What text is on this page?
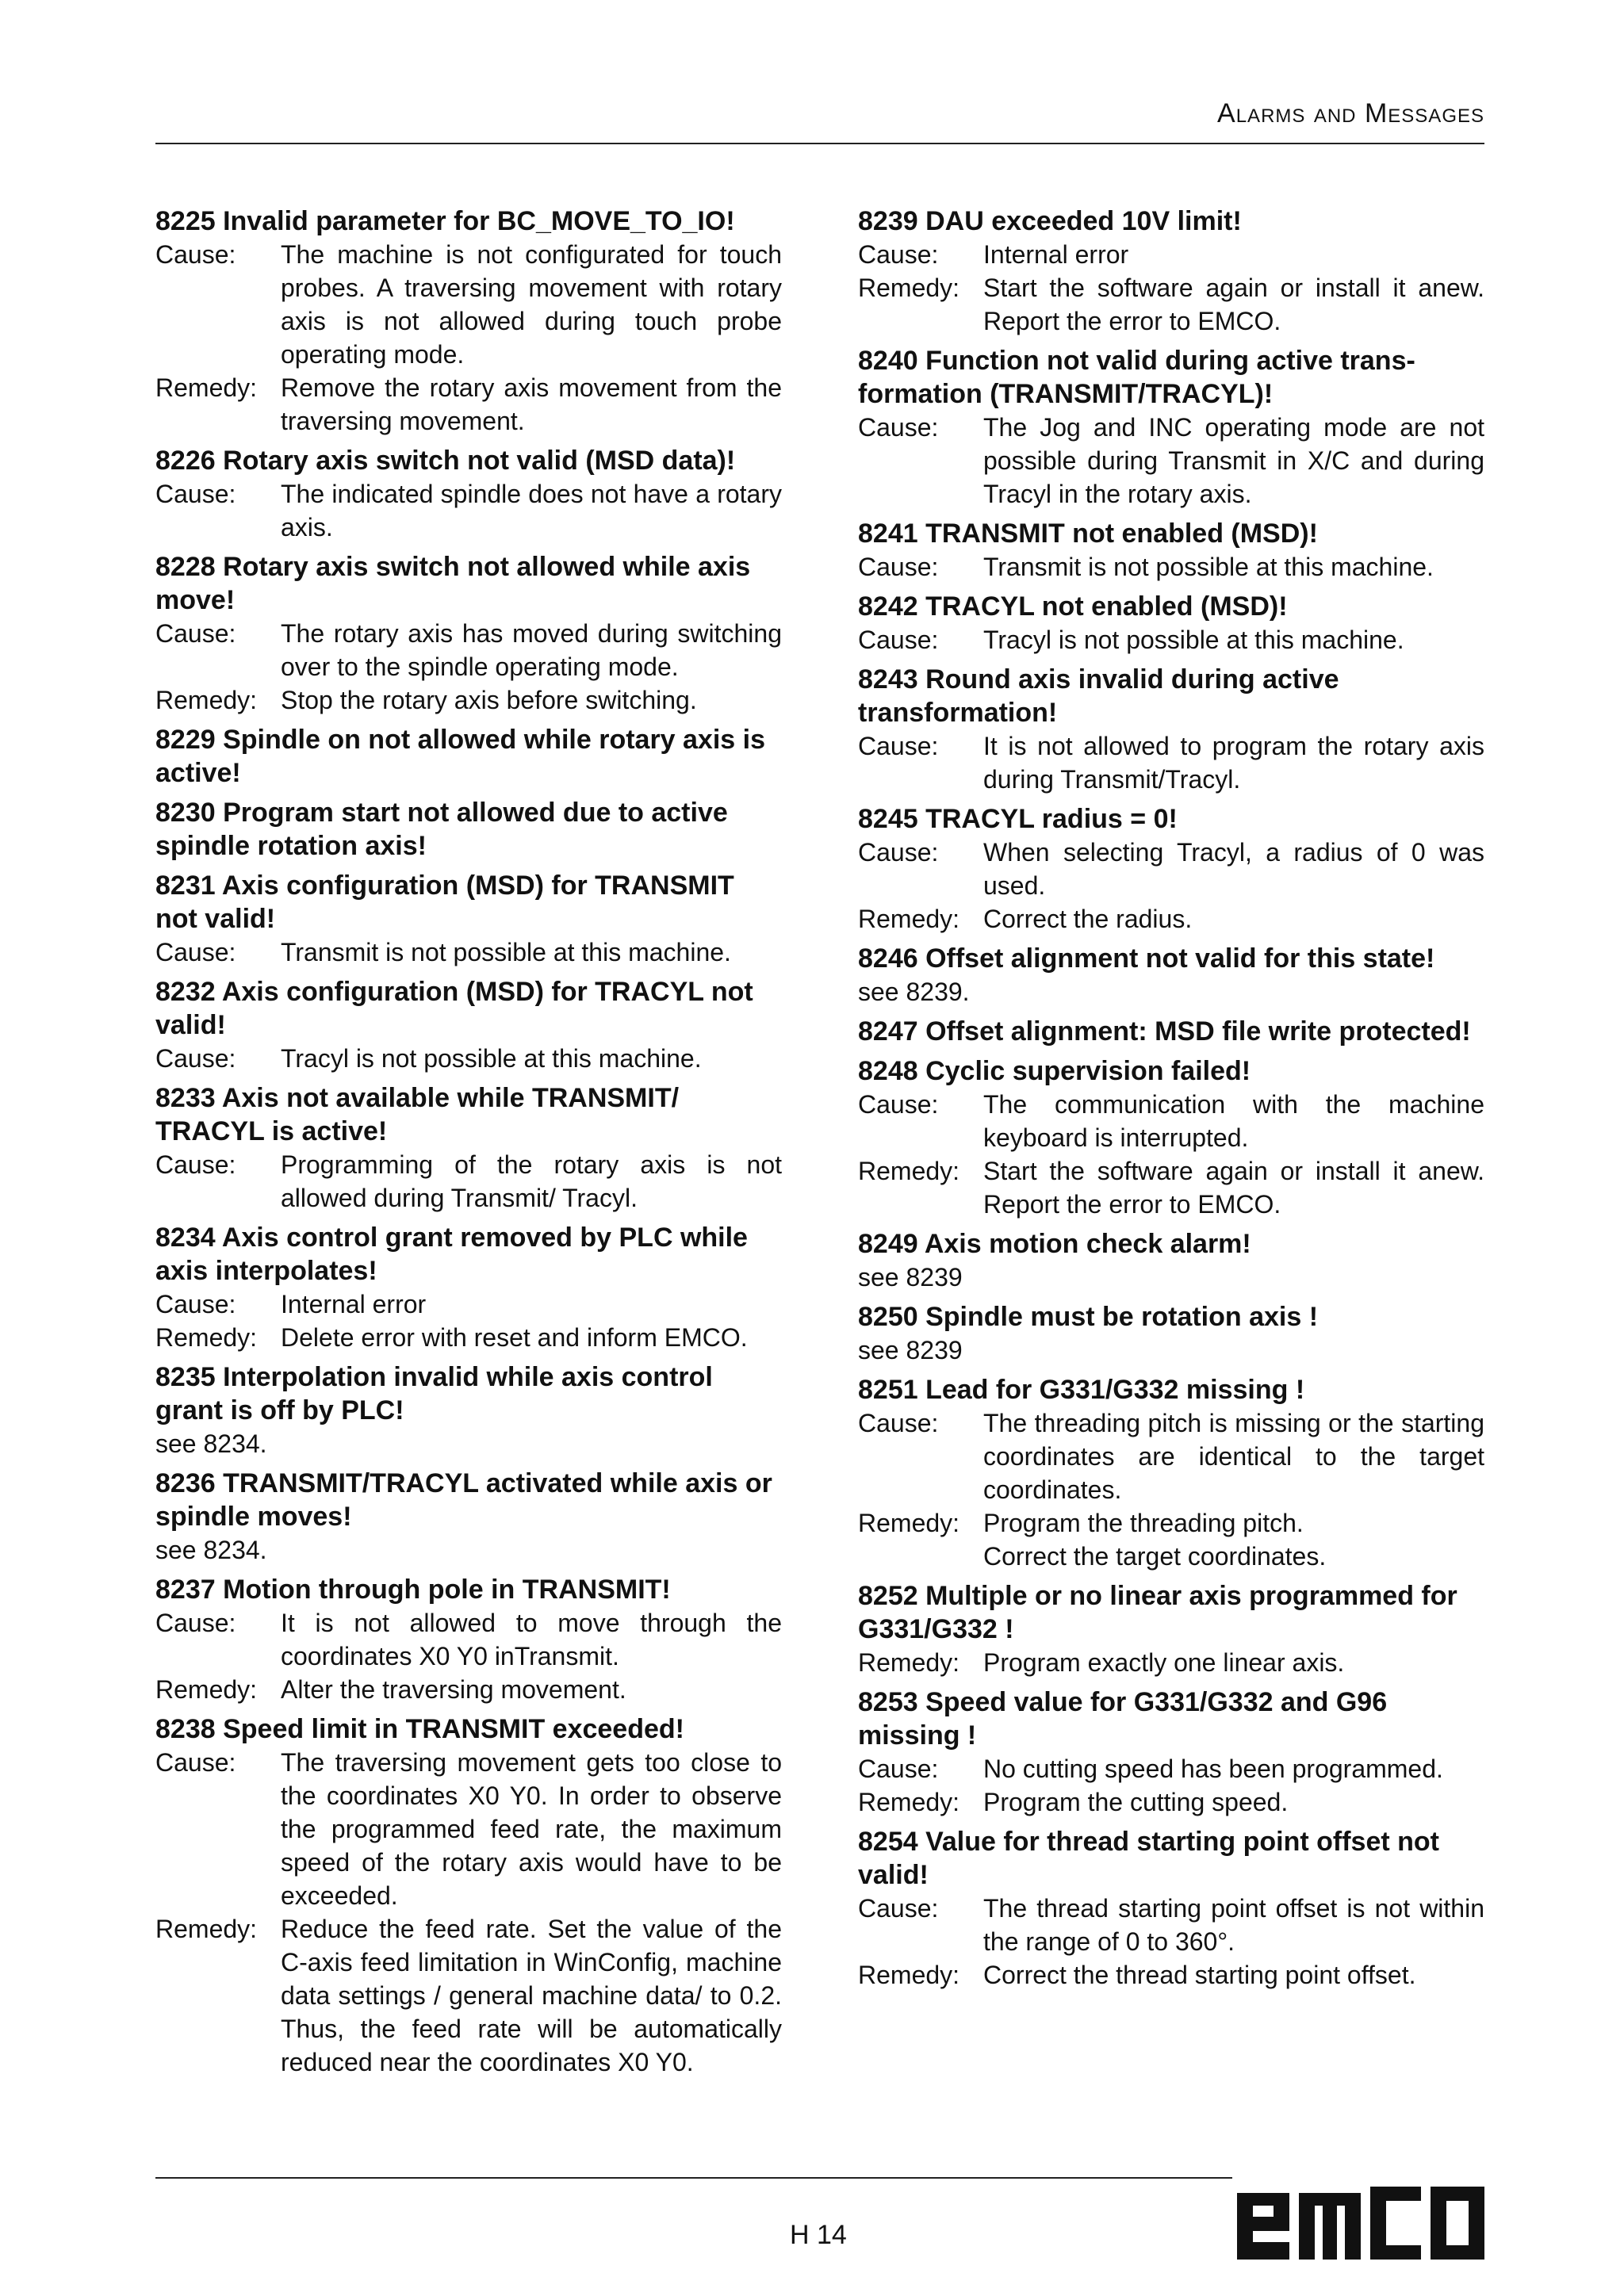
Alarms and Messages

8225 Invalid parameter for BC_MOVE_TO_IO!

Cause:	The machine is not configurated for touch probes. A traversing movement with rotary axis is not allowed during touch probe operating mode.
Remedy: Remove the rotary axis movement from the traversing movement.

8226 Rotary axis switch not valid (MSD data)!

Cause:	The indicated spindle does not have a rotary axis.

8228 Rotary axis switch not allowed while axis move!

Cause:	The rotary axis has moved during switching over to the spindle operating mode.
Remedy: Stop the rotary axis before switching.

8229 Spindle on not allowed while rotary axis is active!

8230 Program start not allowed due to active spindle rotation axis!

8231 Axis configuration (MSD) for TRANSMIT not valid!

Cause:	Transmit is not possible at this machine.

8232 Axis configuration (MSD) for TRACYL not valid!

Cause:	Tracyl is not possible at this machine.

8233 Axis not available while TRANSMIT/ TRACYL is active!

Cause:	Programming of the rotary axis is not allowed during Transmit/ Tracyl.

8234 Axis control grant removed by PLC while axis interpolates!

Cause:	Internal error
Remedy: Delete error with reset and inform EMCO.

8235 Interpolation invalid while axis control grant is off by PLC!

see 8234.

8236 TRANSMIT/TRACYL activated while axis or spindle moves!

see 8234.

8237 Motion through pole in TRANSMIT!

Cause:	It is not allowed to move through the coordinates X0 Y0 inTransmit.
Remedy: Alter the traversing movement.

8238 Speed limit in TRANSMIT exceeded!

Cause:	The traversing movement gets too close to the coordinates X0 Y0. In order to observe the programmed feed rate, the maximum speed of the rotary axis would have to be exceeded.
Remedy: Reduce the feed rate. Set the value of the C-axis feed limitation in WinConfig, machine data settings / general machine data/ to 0.2. Thus, the feed rate will be automatically reduced near the coordinates X0 Y0.

8239 DAU exceeded 10V limit!

Cause:	Internal error
Remedy: Start the software again or install it anew. Report the error to EMCO.

8240 Function not valid during active trans-formation (TRANSMIT/TRACYL)!

Cause:	The Jog and INC operating mode are not possible during Transmit in X/C and during Tracyl in the rotary axis.

8241 TRANSMIT not enabled (MSD)!

Cause:	Transmit is not possible at this machine.

8242 TRACYL not enabled (MSD)!

Cause:	Tracyl is not possible at this machine.

8243 Round axis invalid during active transformation!

Cause:	It is not allowed to program the rotary axis during Transmit/Tracyl.

8245 TRACYL radius = 0!

Cause:	When selecting Tracyl, a radius of 0 was used.
Remedy: Correct the radius.

8246 Offset alignment not valid for this state!

see 8239.

8247 Offset alignment: MSD file write protected!

8248 Cyclic supervision failed!

Cause:	The communication with the machine keyboard is interrupted.
Remedy: Start the software again or install it anew. Report the error to EMCO.

8249 Axis motion check alarm!

see 8239

8250 Spindle must be rotation axis !

see 8239

8251 Lead for G331/G332 missing !

Cause:	The threading pitch is missing or the starting coordinates are identical to the target coordinates.
Remedy: Program the threading pitch.
Correct the target coordinates.

8252 Multiple or no linear axis programmed for G331/G332 !

Remedy: Program exactly one linear axis.

8253 Speed value for G331/G332 and G96 missing !

Cause:	No cutting speed has been programmed.
Remedy: Program the cutting speed.

8254 Value for thread starting point offset not valid!

Cause:	The thread starting point offset is not within the range of 0 to 360°.
Remedy: Correct the thread starting point offset.
H 14
